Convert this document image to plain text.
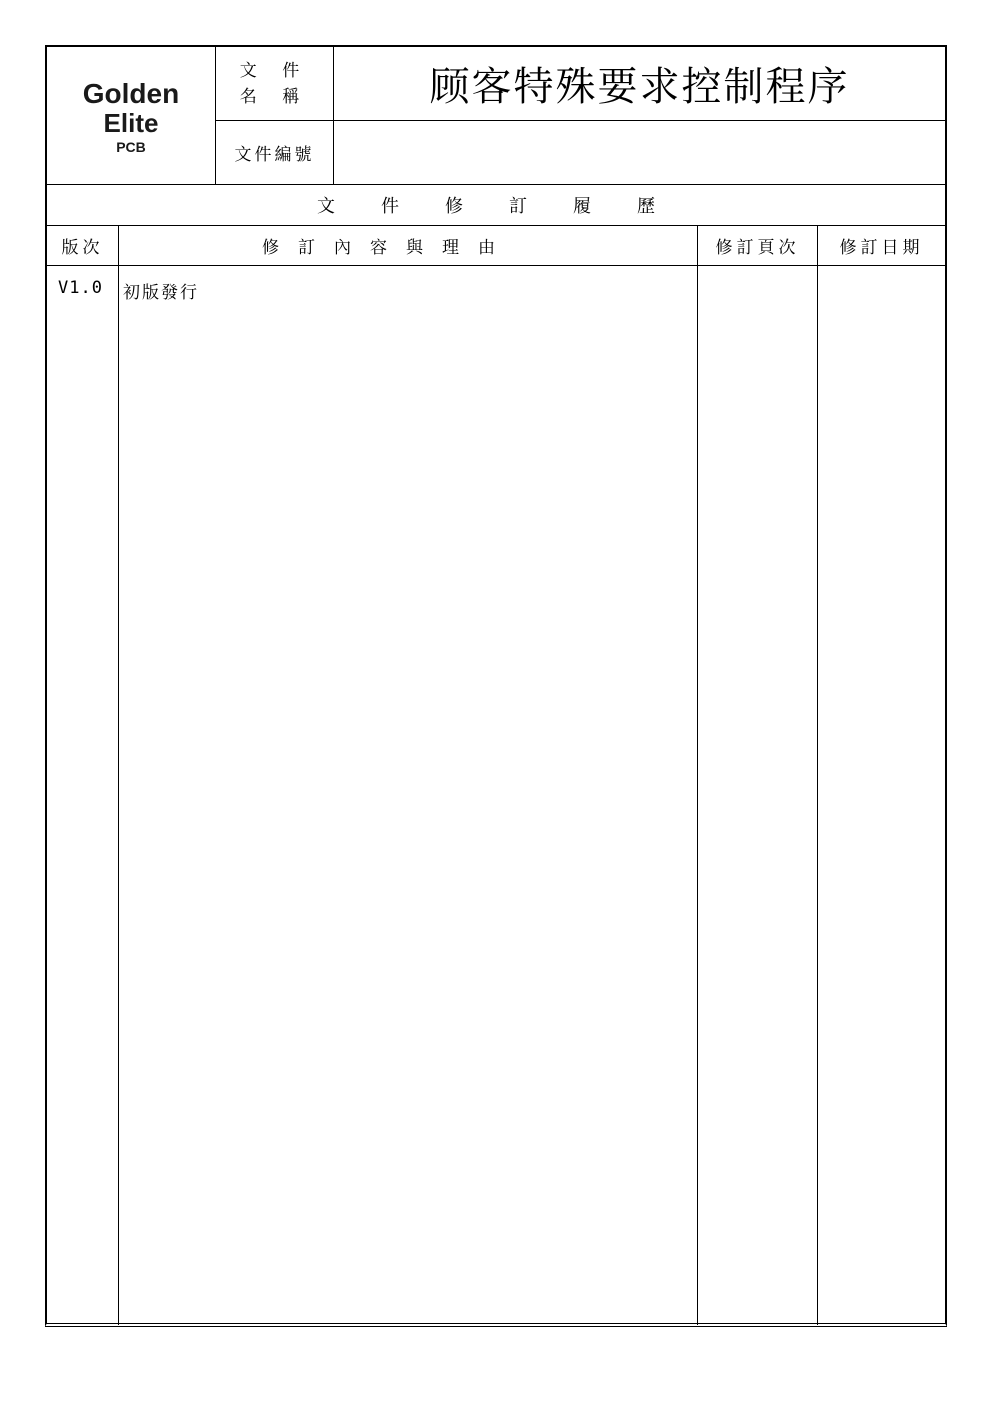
Golden
Elite
PCB
文 件
名 稱	顾客特殊要求控制程序
文件編號
文件修訂履歷
版次	修訂內容與理由	修訂頁次	修訂日期
V1.0 初版發行
